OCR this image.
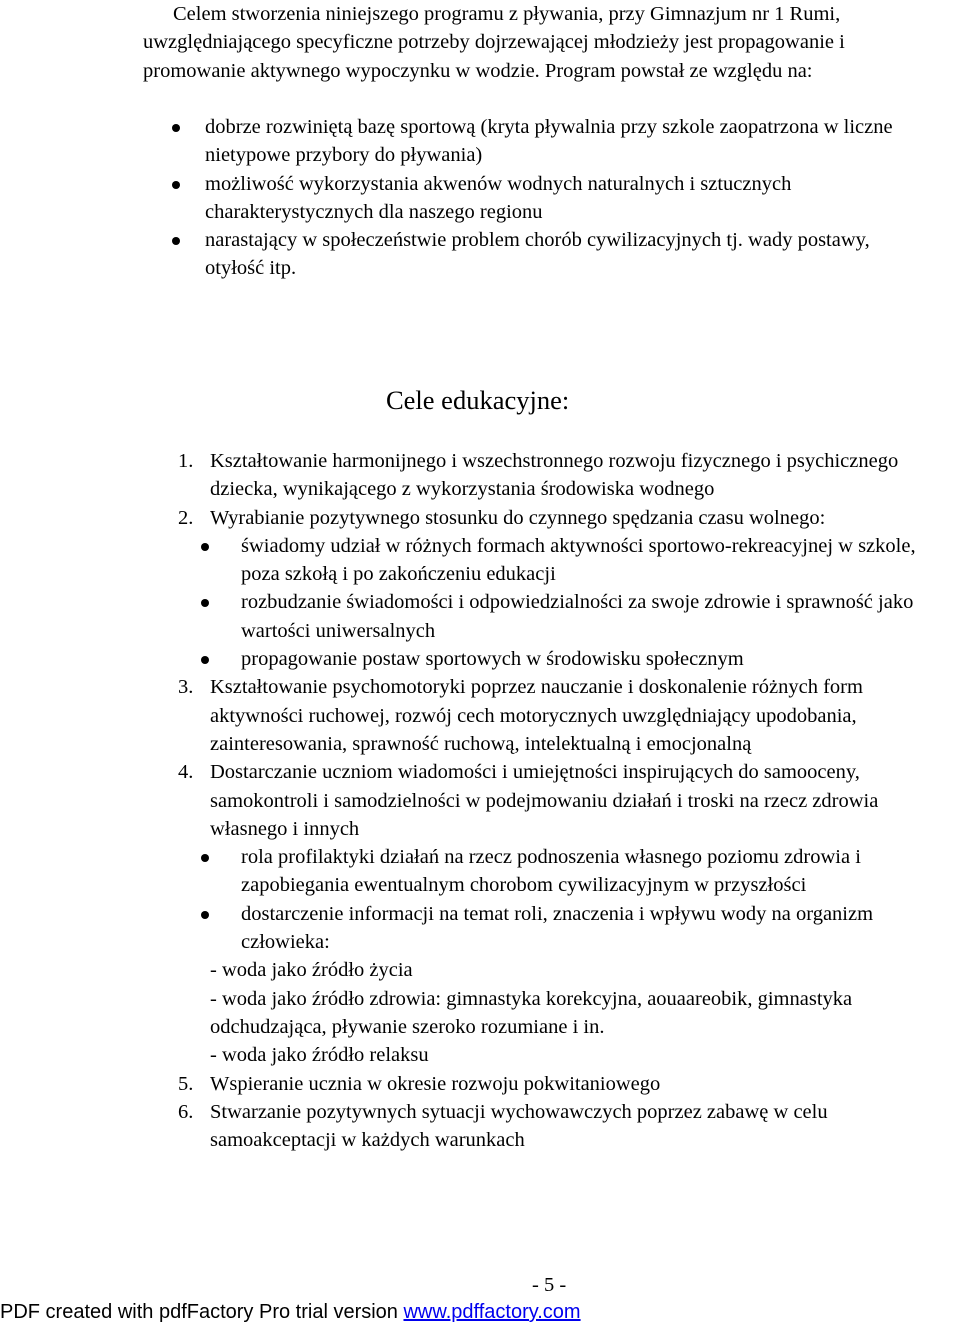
Celem stworzenia niniejszego programu z pływania, przy Gimnazjum nr 1 Rumi, uwzględniającego specyficzne potrzeby dojrzewającej młodzieży jest propagowanie i promowanie aktywnego wypoczynku w wodzie. Program powstał ze względu na:

dobrze rozwiniętą bazę sportową (kryta pływalnia przy szkole zaopatrzona w liczne nietypowe przybory do pływania)
możliwość wykorzystania akwenów wodnych naturalnych i sztucznych charakterystycznych dla naszego regionu
narastający w społeczeństwie problem chorób cywilizacyjnych tj. wady postawy, otyłość itp.
Cele edukacyjne:
1. Kształtowanie harmonijnego i wszechstronnego rozwoju fizycznego i psychicznego dziecka, wynikającego z wykorzystania środowiska wodnego

2. Wyrabianie pozytywnego stosunku do czynnego spędzania czasu wolnego:

świadomy udział w różnych formach aktywności sportowo-rekreacyjnej w szkole, poza szkołą i po zakończeniu edukacji
rozbudzanie świadomości i odpowiedzialności za swoje zdrowie i sprawność jako wartości uniwersalnych
propagowanie postaw sportowych w środowisku społecznym
3. Kształtowanie psychomotoryki poprzez nauczanie i doskonalenie różnych form aktywności ruchowej, rozwój cech motorycznych uwzględniający upodobania, zainteresowania, sprawność ruchową, intelektualną i emocjonalną

4. Dostarczanie uczniom wiadomości i umiejętności inspirujących do samooceny, samokontroli i samodzielności w podejmowaniu działań i troski na rzecz zdrowia własnego i innych

rola profilaktyki działań na rzecz podnoszenia własnego poziomu zdrowia i zapobiegania ewentualnym chorobom cywilizacyjnym w przyszłości
dostarczenie informacji na temat roli, znaczenia i wpływu wody na organizm człowieka:

- woda jako źródło życia

- woda jako źródło zdrowia: gimnastyka korekcyjna, aouaareobik, gimnastyka odchudzająca, pływanie szeroko rozumiane i in.

- woda jako źródło relaksu

5. Wspieranie ucznia w okresie rozwoju pokwitaniowego

6. Stwarzanie pozytywnych sytuacji wychowawczych poprzez zabawę w celu samoakceptacji w każdych warunkach

- 5 -
PDF created with pdfFactory Pro trial version www.pdffactory.com
